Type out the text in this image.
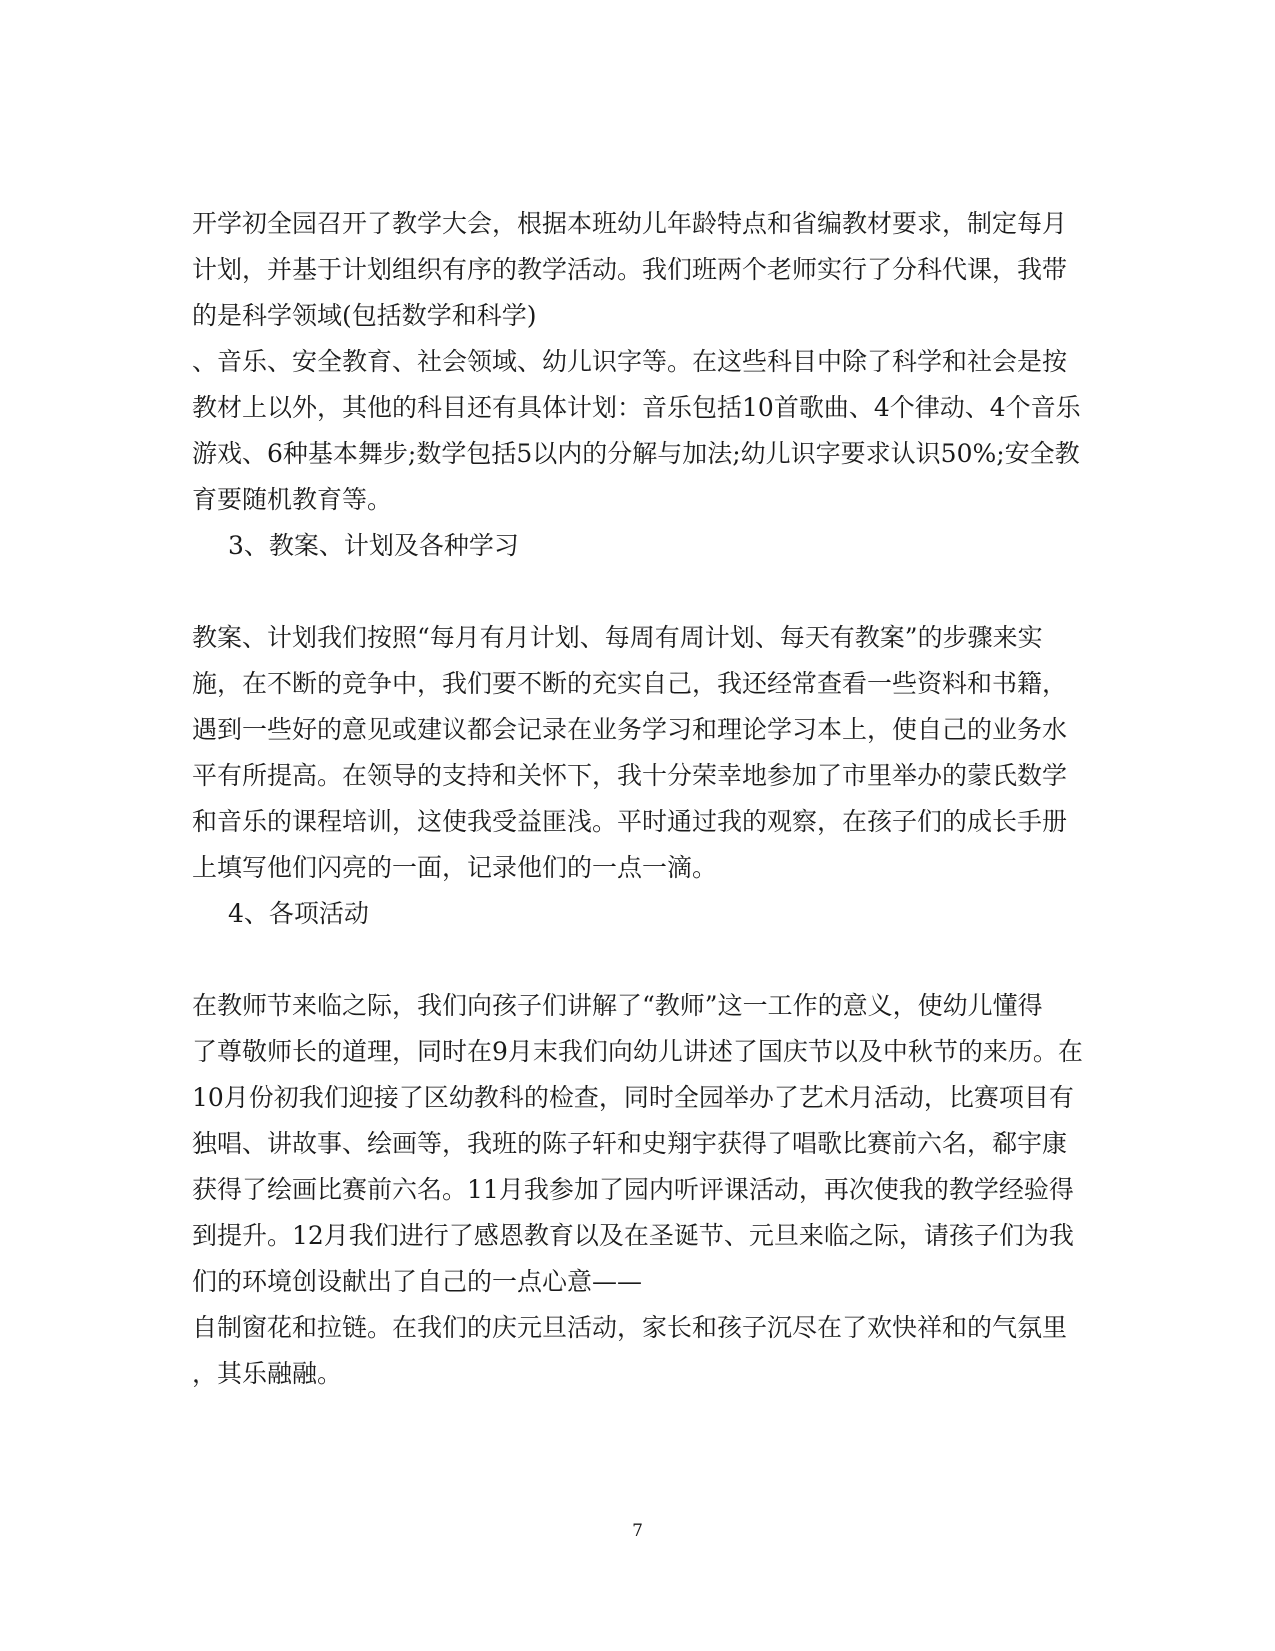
开学初全园召开了教学大会，根据本班幼儿年龄特点和省编教材要求，制定每月
计划，并基于计划组织有序的教学活动。我们班两个老师实行了分科代课，我带
的是科学领域(包括数学和科学)
、音乐、安全教育、社会领域、幼儿识字等。在这些科目中除了科学和社会是按
教材上以外，其他的科目还有具体计划：音乐包括10首歌曲、4个律动、4个音乐
游戏、6种基本舞步;数学包括5以内的分解与加法;幼儿识字要求认识50%;安全教
育要随机教育等。
3、教案、计划及各种学习
教案、计划我们按照“每月有月计划、每周有周计划、每天有教案”的步骤来实
施，在不断的竞争中，我们要不断的充实自己，我还经常查看一些资料和书籍，
遇到一些好的意见或建议都会记录在业务学习和理论学习本上，使自己的业务水
平有所提高。在领导的支持和关怀下，我十分荣幸地参加了市里举办的蒙氏数学
和音乐的课程培训，这使我受益匪浅。平时通过我的观察，在孩子们的成长手册
上填写他们闪亮的一面，记录他们的一点一滴。
4、各项活动
在教师节来临之际，我们向孩子们讲解了“教师”这一工作的意义，使幼儿懂得
了尊敬师长的道理，同时在9月末我们向幼儿讲述了国庆节以及中秋节的来历。在
10月份初我们迎接了区幼教科的检查，同时全园举办了艺术月活动，比赛项目有
独唱、讲故事、绘画等，我班的陈子轩和史翔宇获得了唱歌比赛前六名，郗宇康
获得了绘画比赛前六名。11月我参加了园内听评课活动，再次使我的教学经验得
到提升。12月我们进行了感恩教育以及在圣诞节、元旦来临之际，请孩子们为我
们的环境创设献出了自己的一点心意——
自制窗花和拉链。在我们的庆元旦活动，家长和孩子沉尽在了欢快祥和的气氛里
，其乐融融。
7
